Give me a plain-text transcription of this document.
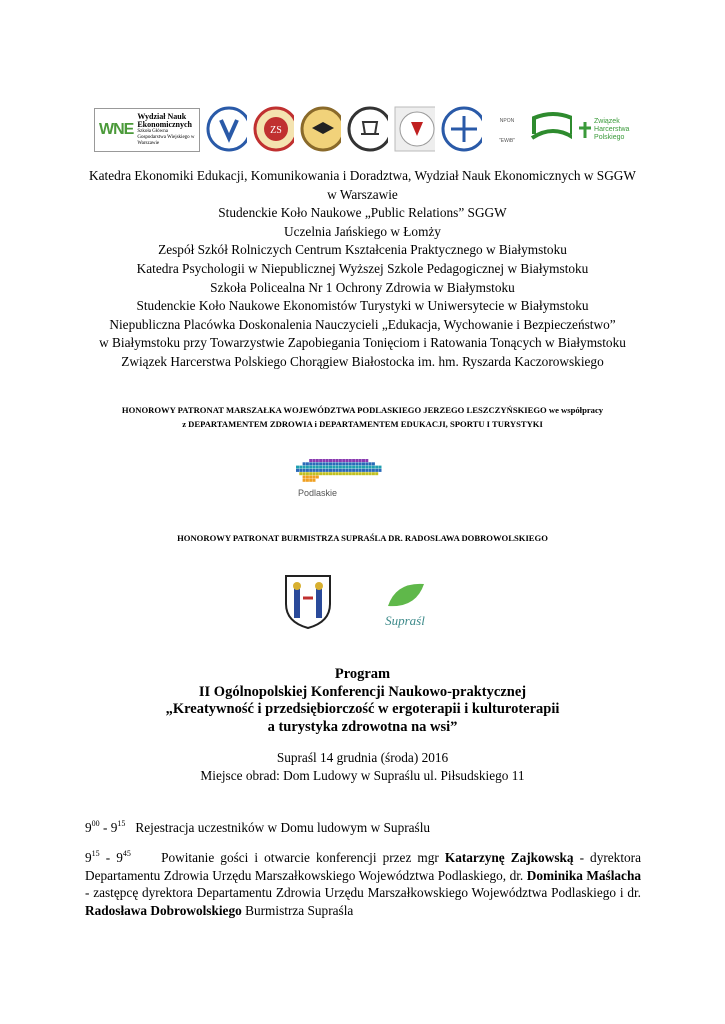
WNE
Wydział Nauk Ekonomicznych
Szkoła Główna Gospodarstwa Wiejskiego w Warszawie
ZS
NPON
"EWiB"
Związek Harcerstwa Polskiego
Katedra Ekonomiki Edukacji, Komunikowania i Doradztwa, Wydział Nauk Ekonomicznych w SGGW
w Warszawie
Studenckie Koło Naukowe „Public Relations” SGGW
Uczelnia Jańskiego w Łomży
Zespół Szkół Rolniczych Centrum Kształcenia Praktycznego w Białymstoku
Katedra Psychologii w Niepublicznej Wyższej Szkole Pedagogicznej w Białymstoku
Szkoła Policealna Nr 1 Ochrony Zdrowia w Białymstoku
Studenckie Koło Naukowe Ekonomistów Turystyki w Uniwersytecie w Białymstoku
Niepubliczna Placówka Doskonalenia Nauczycieli „Edukacja, Wychowanie i Bezpieczeństwo”
w Białymstoku przy Towarzystwie Zapobiegania Tonięciom i Ratowania Tonących w Białymstoku
Związek Harcerstwa Polskiego Chorągiew Białostocka im. hm. Ryszarda Kaczorowskiego
HONOROWY PATRONAT MARSZAŁKA WOJEWÓDZTWA PODLASKIEGO JERZEGO LESZCZYŃSKIEGO we współpracy
z DEPARTAMENTEM ZDROWIA i DEPARTAMENTEM EDUKACJI, SPORTU I TURYSTYKI
Podlaskie
HONOROWY PATRONAT BURMISTRZA SUPRAŚLA DR. RADOSLAWA DOBROWOLSKIEGO
Supraśl
Program
II Ogólnopolskiej Konferencji Naukowo-praktycznej
„Kreatywność i przedsiębiorczość w ergoterapii i kulturoterapii
a turystyka zdrowotna na wsi”
Supraśl 14 grudnia (środa) 2016
Miejsce obrad: Dom Ludowy w Supraślu ul. Piłsudskiego 11
$9^{00} - 9^{15}$ Rejestracja uczestników w Domu ludowym w Supraślu
$9^{15} - 9^{45}$ Powitanie gości i otwarcie konferencji przez mgr Katarzynę Zajkowską - dyrektora Departamentu Zdrowia Urzędu Marszałkowskiego Województwa Podlaskiego, dr. Dominika Maślacha - zastępcę dyrektora Departamentu Zdrowia Urzędu Marszałkowskiego Województwa Podlaskiego i dr. Radosława Dobrowolskiego Burmistrza Supraśla
